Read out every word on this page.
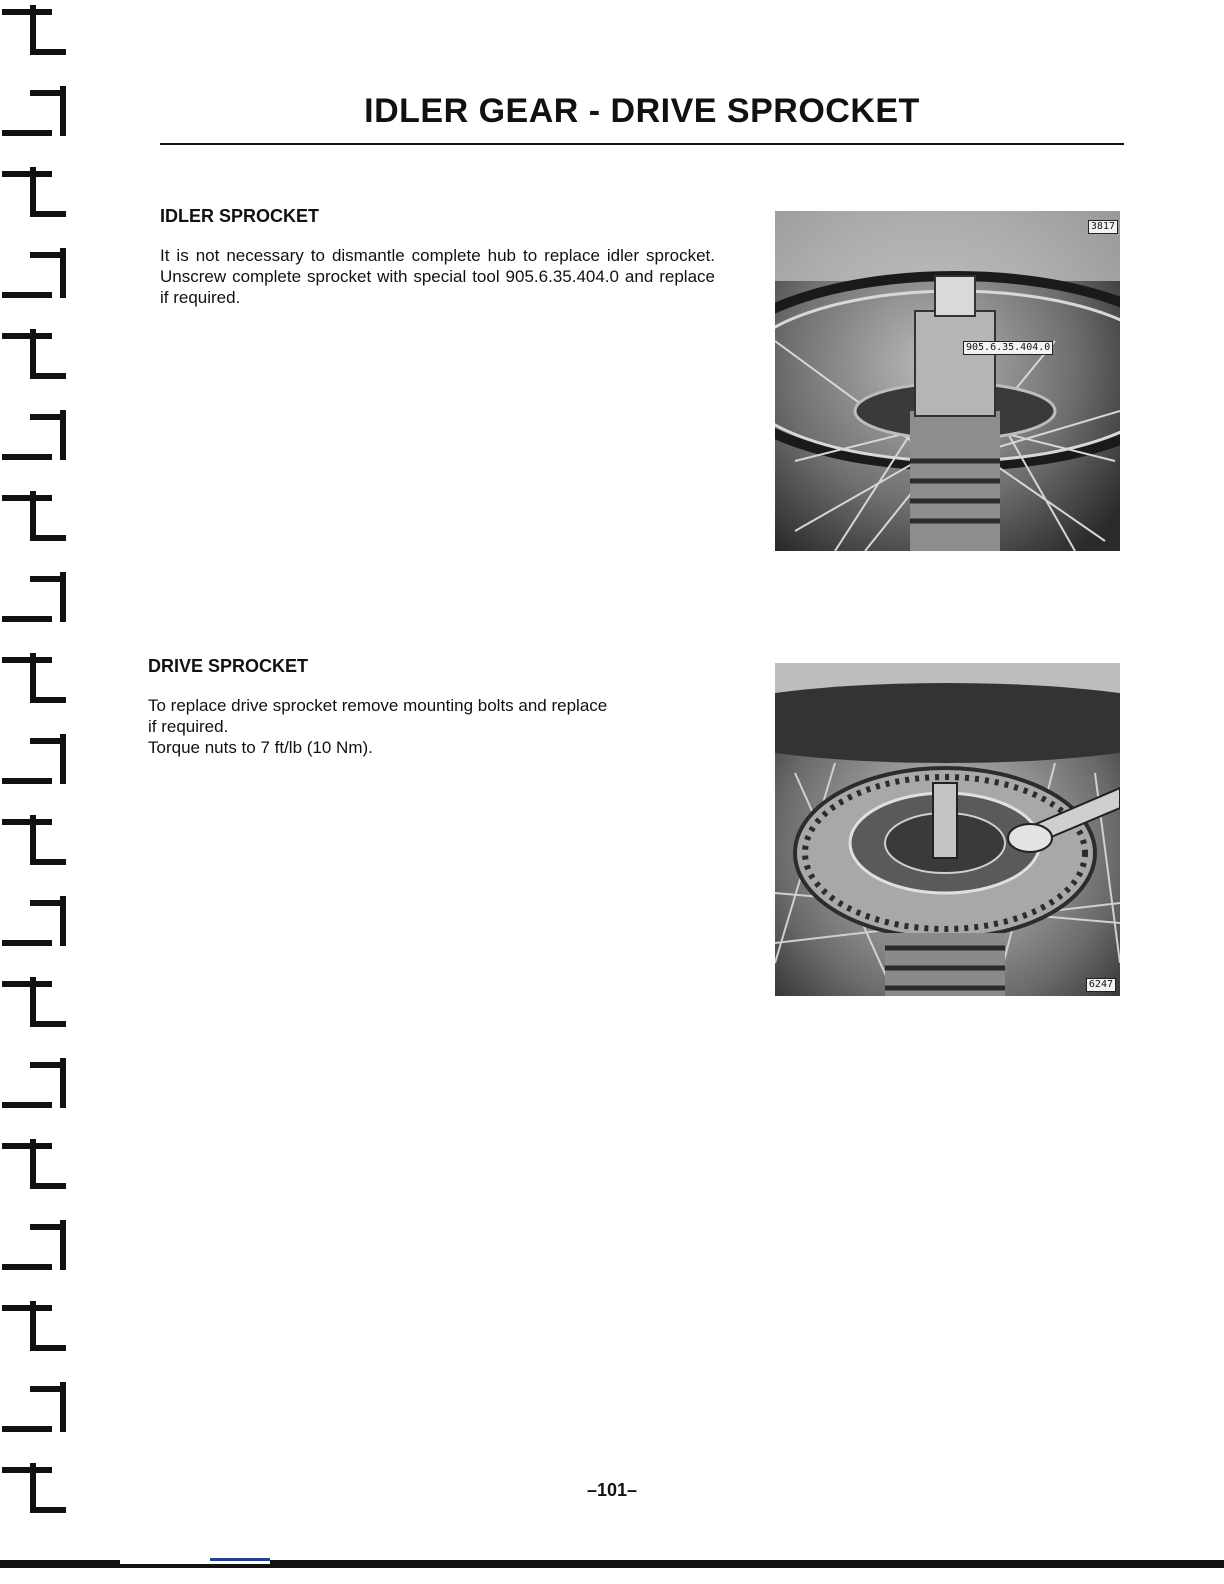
IDLER GEAR - DRIVE SPROCKET
IDLER SPROCKET

It is not necessary to dismantle complete hub to replace idler sprocket. Unscrew complete sprocket with special tool 905.6.35.404.0 and replace if required.

3817
905.6.35.404.0
DRIVE SPROCKET

To replace drive sprocket remove mounting bolts and replace

if required.

Torque nuts to 7 ft/lb (10 Nm).

6247
–101–
